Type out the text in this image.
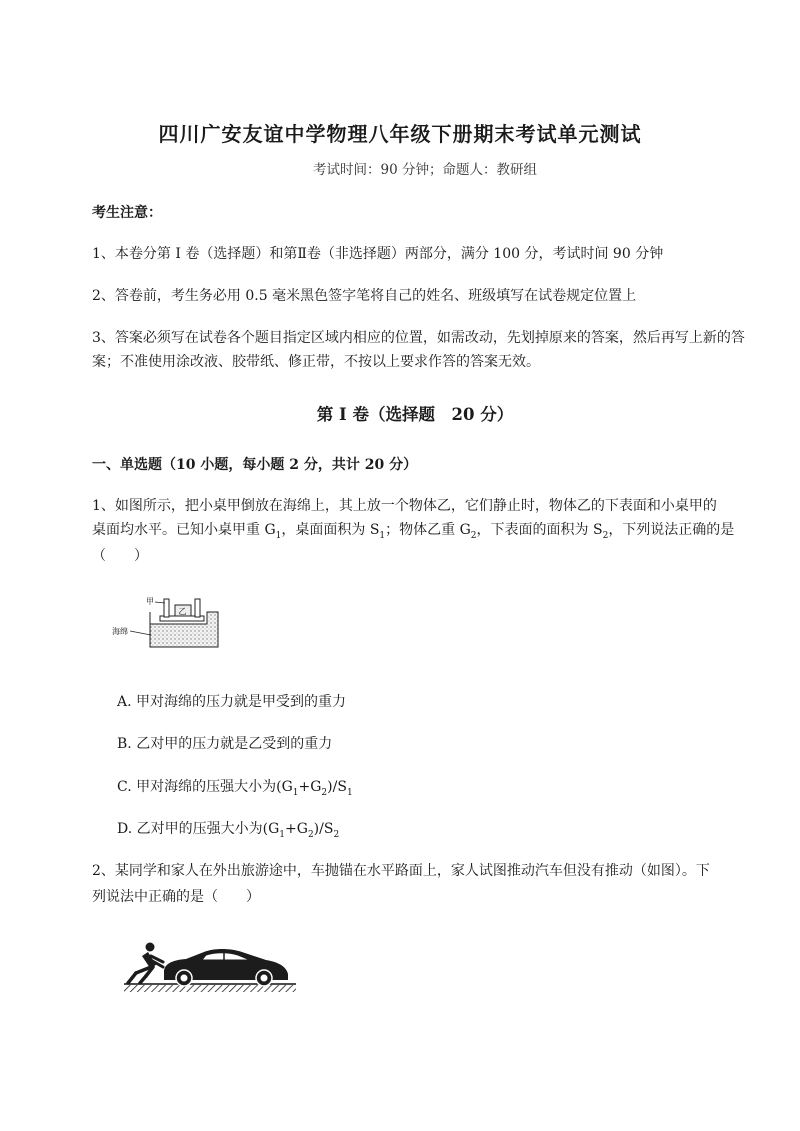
四川广安友谊中学物理八年级下册期末考试单元测试
考试时间：90 分钟；命题人：教研组
考生注意：
1、本卷分第 I 卷（选择题）和第Ⅱ卷（非选择题）两部分，满分 100 分，考试时间 90 分钟
2、答卷前，考生务必用 0.5 毫米黑色签字笔将自己的姓名、班级填写在试卷规定位置上
3、答案必须写在试卷各个题目指定区域内相应的位置，如需改动，先划掉原来的答案，然后再写上新的答案；不准使用涂改液、胶带纸、修正带，不按以上要求作答的答案无效。
第 I 卷（选择题　20 分）
一、单选题（10 小题，每小题 2 分，共计 20 分）
1、如图所示，把小桌甲倒放在海绵上，其上放一个物体乙，它们静止时，物体乙的下表面和小桌甲的
桌面均水平。已知小桌甲重 $G_1$，桌面面积为 $S_1$；物体乙重 $G_2$，下表面的面积为 $S_2$，下列说法正确的是
（　　）
乙
甲
海绵
A. 甲对海绵的压力就是甲受到的重力
B. 乙对甲的压力就是乙受到的重力
C. 甲对海绵的压强大小为$(G_1+G_2)/S_1$
D. 乙对甲的压强大小为$(G_1+G_2)/S_2$
2、某同学和家人在外出旅游途中，车抛锚在水平路面上，家人试图推动汽车但没有推动（如图）。下
列说法中正确的是（　　）
